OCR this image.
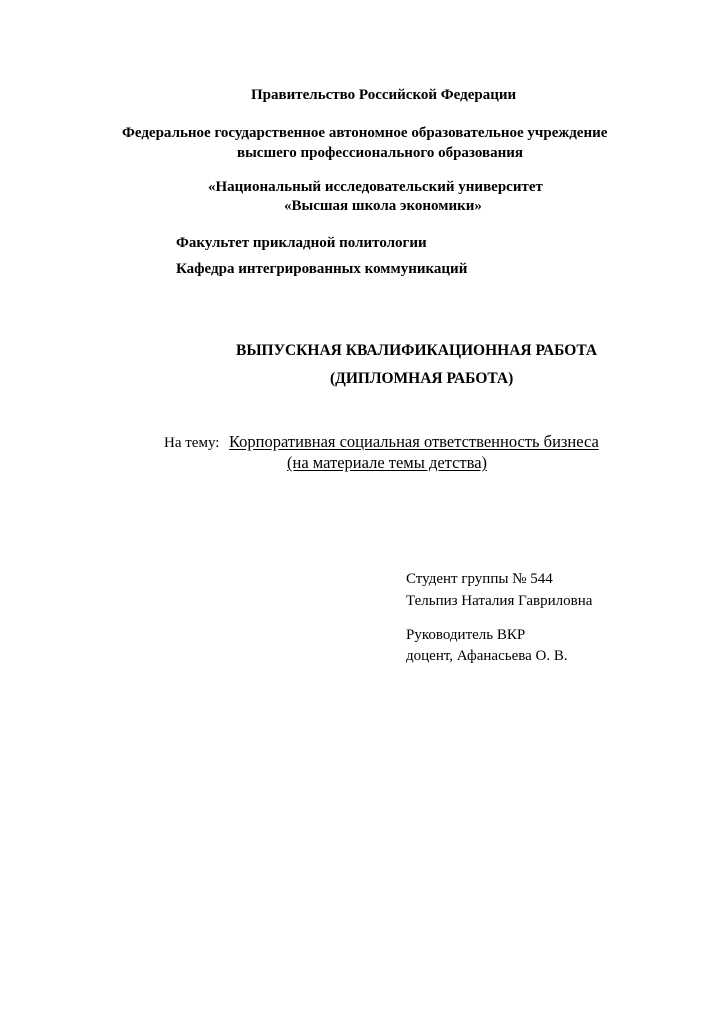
Правительство Российской Федерации
Федеральное государственное автономное образовательное учреждение
высшего профессионального образования
«Национальный исследовательский университет
«Высшая школа экономики»
Факультет прикладной политологии
Кафедра интегрированных коммуникаций
ВЫПУСКНАЯ КВАЛИФИКАЦИОННАЯ РАБОТА
(ДИПЛОМНАЯ РАБОТА)
На тему: Корпоративная социальная ответственность бизнеса
(на материале темы детства)
Студент группы № 544
Тельпиз Наталия Гавриловна
Руководитель ВКР
доцент, Афанасьева О. В.
